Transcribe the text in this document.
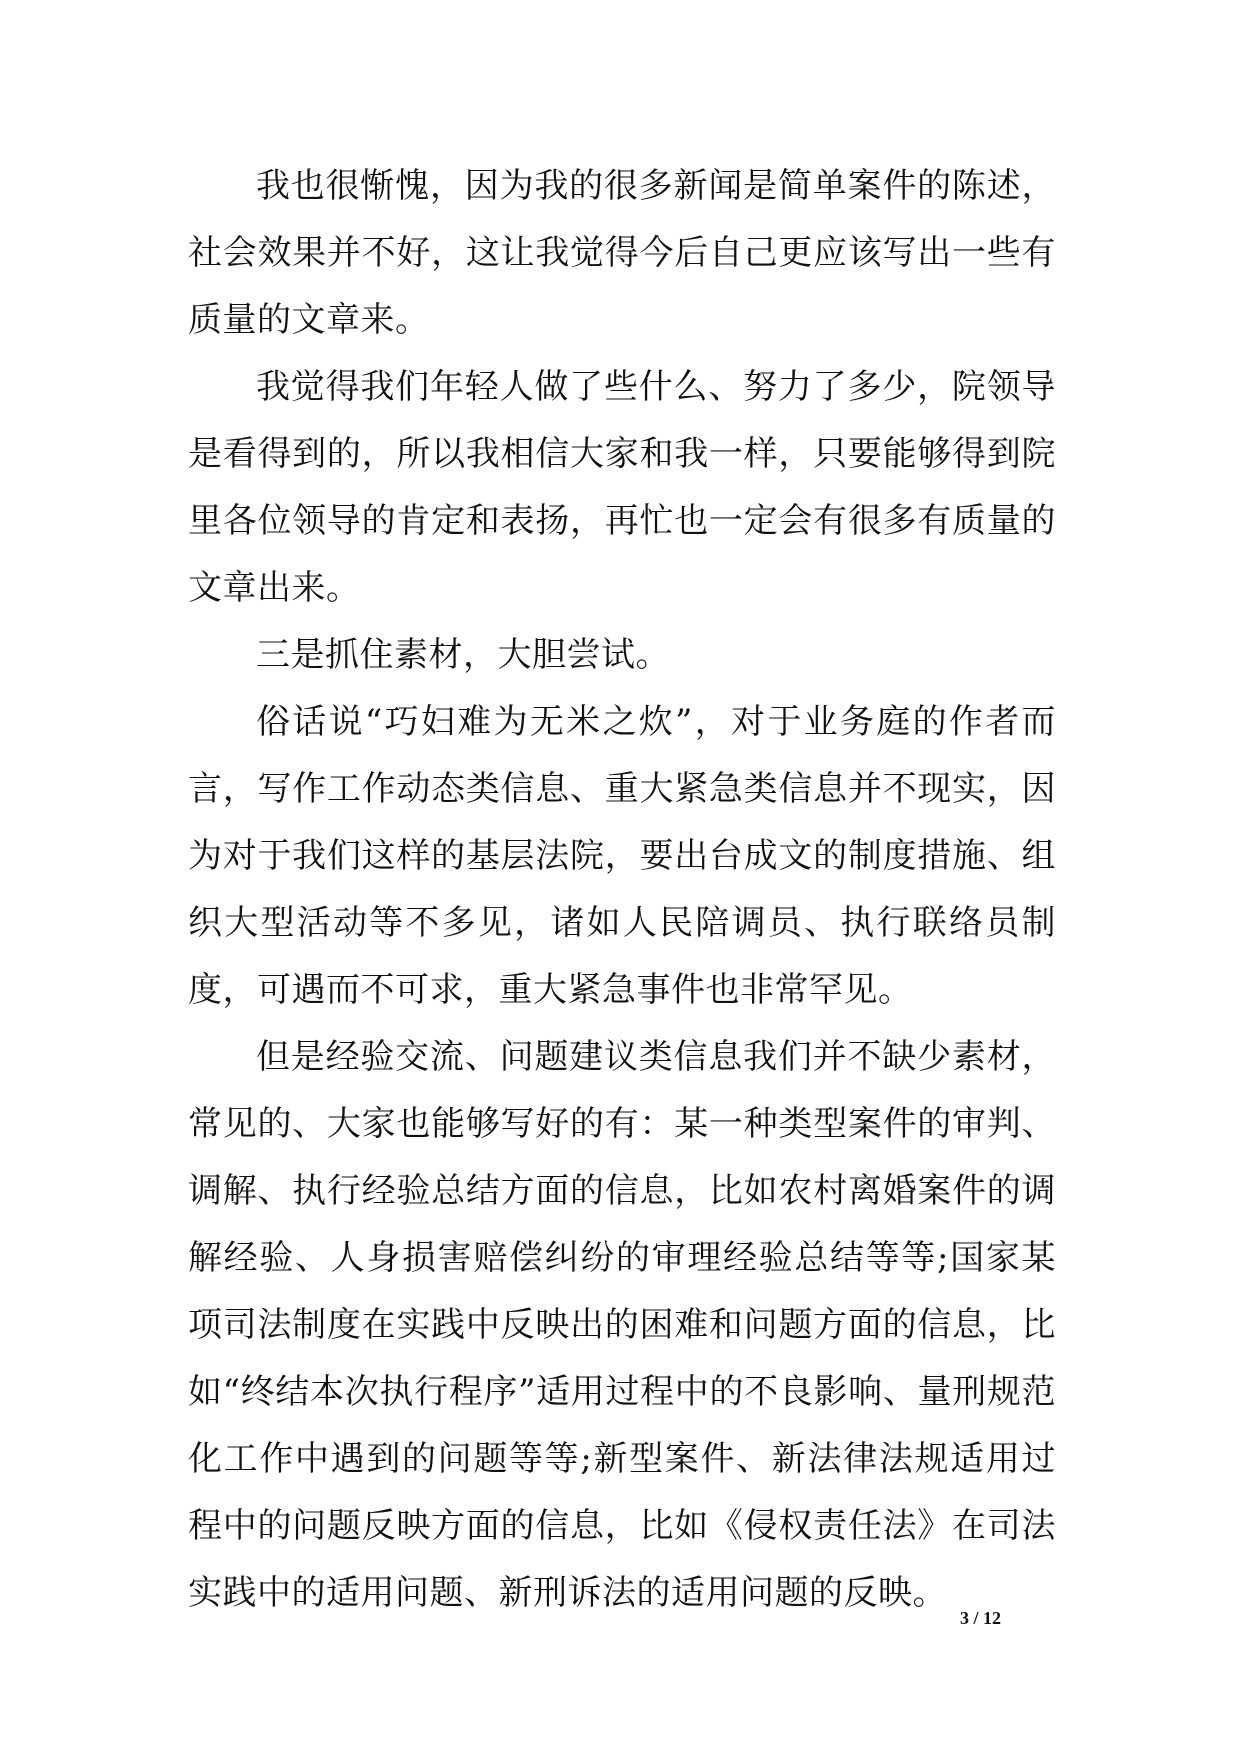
我也很惭愧，因为我的很多新闻是简单案件的陈述，社会效果并不好，这让我觉得今后自己更应该写出一些有质量的文章来。

我觉得我们年轻人做了些什么、努力了多少，院领导是看得到的，所以我相信大家和我一样，只要能够得到院里各位领导的肯定和表扬，再忙也一定会有很多有质量的文章出来。

三是抓住素材，大胆尝试。

俗话说“巧妇难为无米之炊”，对于业务庭的作者而言，写作工作动态类信息、重大紧急类信息并不现实，因为对于我们这样的基层法院，要出台成文的制度措施、组织大型活动等不多见，诸如人民陪调员、执行联络员制度，可遇而不可求，重大紧急事件也非常罕见。

但是经验交流、问题建议类信息我们并不缺少素材，常见的、大家也能够写好的有：某一种类型案件的审判、调解、执行经验总结方面的信息，比如农村离婚案件的调解经验、人身损害赔偿纠纷的审理经验总结等等;国家某项司法制度在实践中反映出的困难和问题方面的信息，比如“终结本次执行程序”适用过程中的不良影响、量刑规范化工作中遇到的问题等等;新型案件、新法律法规适用过程中的问题反映方面的信息，比如《侵权责任法》在司法实践中的适用问题、新刑诉法的适用问题的反映。

3 / 12
